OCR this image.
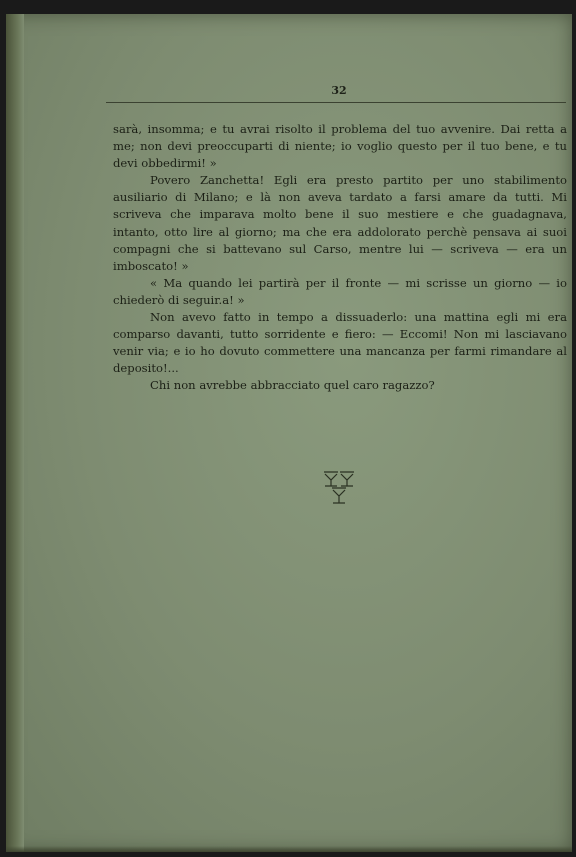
32

sarà, insomma; e tu avrai risolto il problema del tuo avvenire. Dai retta a me; non devi preoccuparti di niente; io voglio questo per il tuo bene, e tu devi obbedirmi! »

Povero Zanchetta! Egli era presto partito per uno stabilimento ausiliario di Milano; e là non aveva tardato a farsi amare da tutti. Mi scriveva che imparava molto bene il suo mestiere e che guadagnava, intanto, otto lire al giorno; ma che era addolorato perchè pensava ai suoi compagni che si battevano sul Carso, mentre lui — scriveva — era un imboscato! »

« Ma quando lei partirà per il fronte — mi scrisse un giorno — io chiederò di seguir.a! »

Non avevo fatto in tempo a dissuaderlo: una mattina egli mi era comparso davanti, tutto sorridente e fiero: — Eccomi! Non mi lasciavano venir via; e io ho dovuto commettere una mancanza per farmi rimandare al deposito!...

Chi non avrebbe abbracciato quel caro ragazzo?
